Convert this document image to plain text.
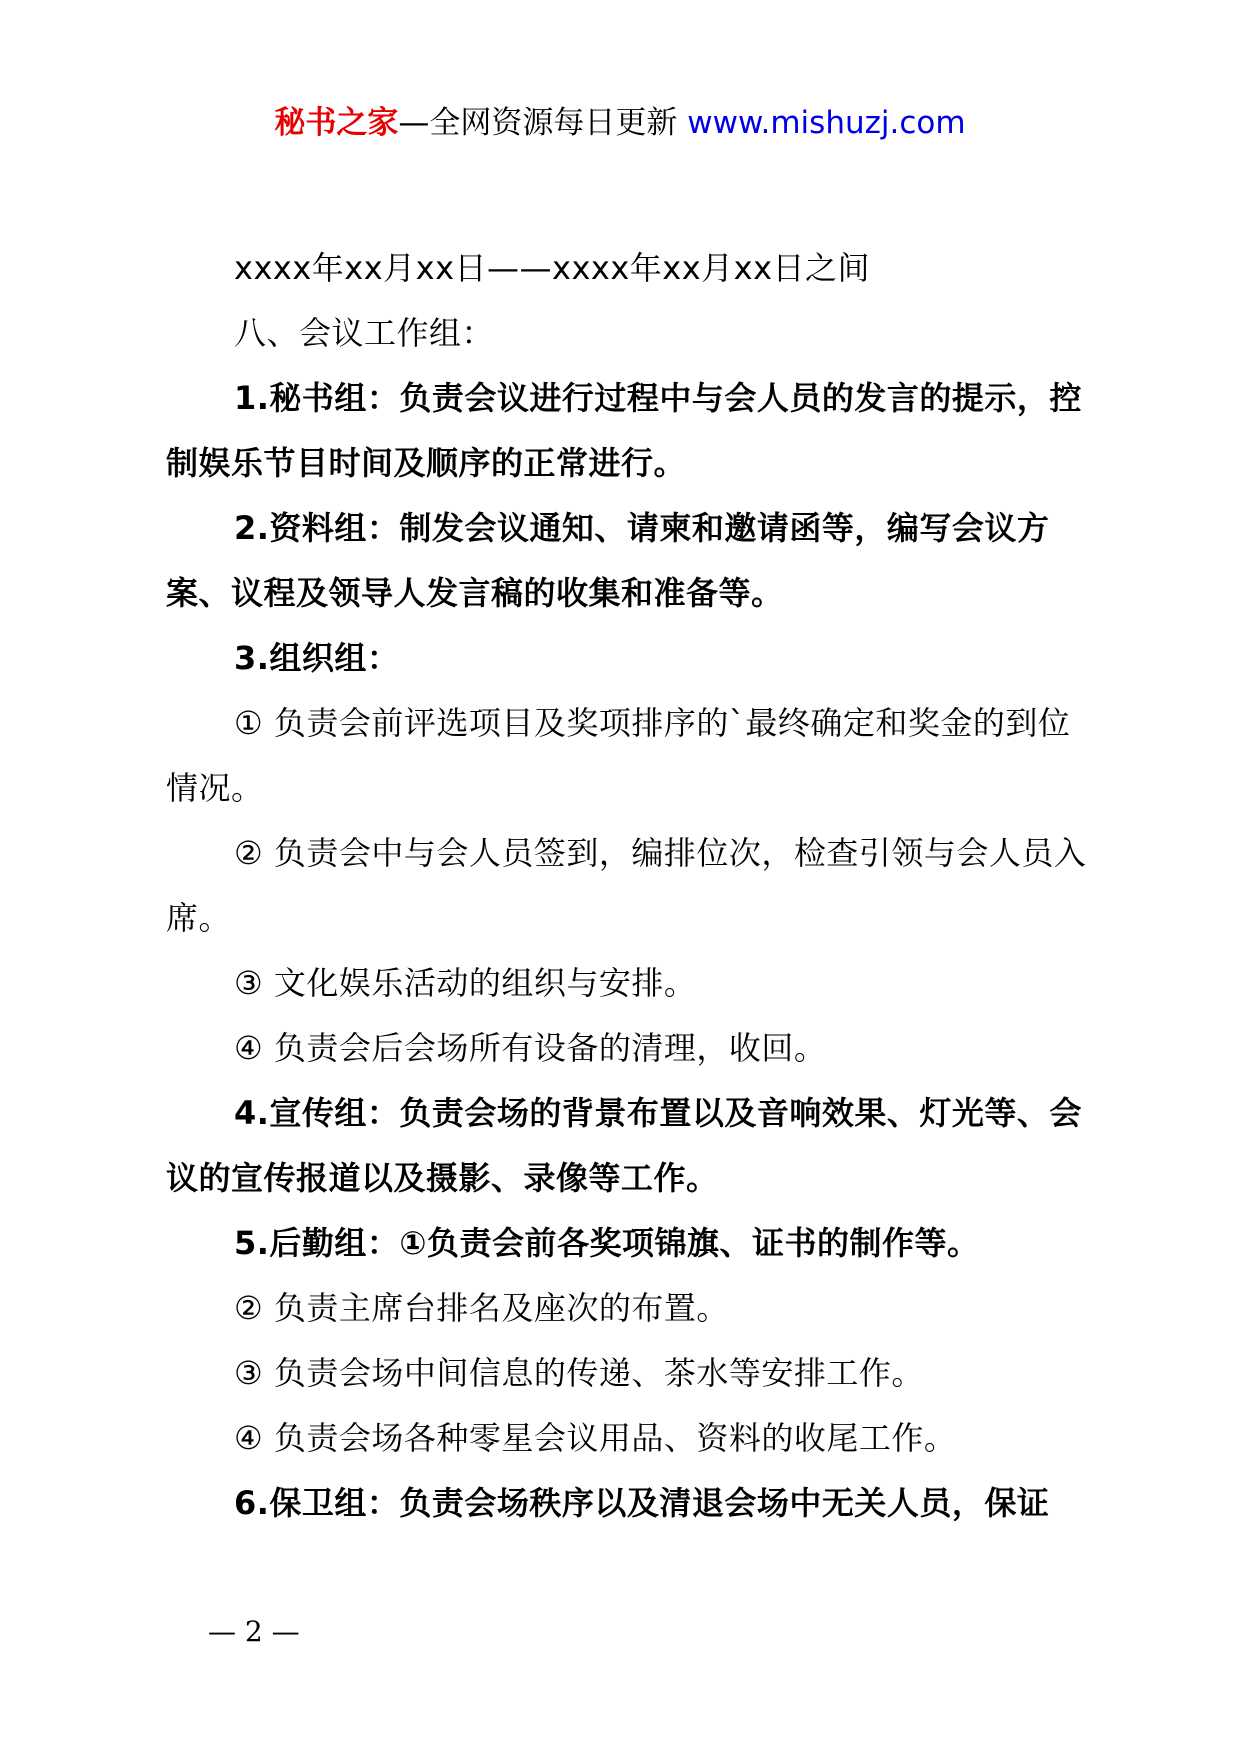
秘书之家—全网资源每日更新 www.mishuzj.com

xxxx年xx月xx日——xxxx年xx月xx日之间

八、会议工作组：

1.秘书组：负责会议进行过程中与会人员的发言的提示，控制娱乐节目时间及顺序的正常进行。

2.资料组：制发会议通知、请柬和邀请函等，编写会议方案、议程及领导人发言稿的收集和准备等。

3.组织组：

① 负责会前评选项目及奖项排序的`最终确定和奖金的到位情况。

② 负责会中与会人员签到，编排位次，检查引领与会人员入席。

③ 文化娱乐活动的组织与安排。

④ 负责会后会场所有设备的清理，收回。

4.宣传组：负责会场的背景布置以及音响效果、灯光等、会议的宣传报道以及摄影、录像等工作。

5.后勤组：①负责会前各奖项锦旗、证书的制作等。

② 负责主席台排名及座次的布置。

③ 负责会场中间信息的传递、茶水等安排工作。

④ 负责会场各种零星会议用品、资料的收尾工作。

6.保卫组：负责会场秩序以及清退会场中无关人员，保证

— 2 —
